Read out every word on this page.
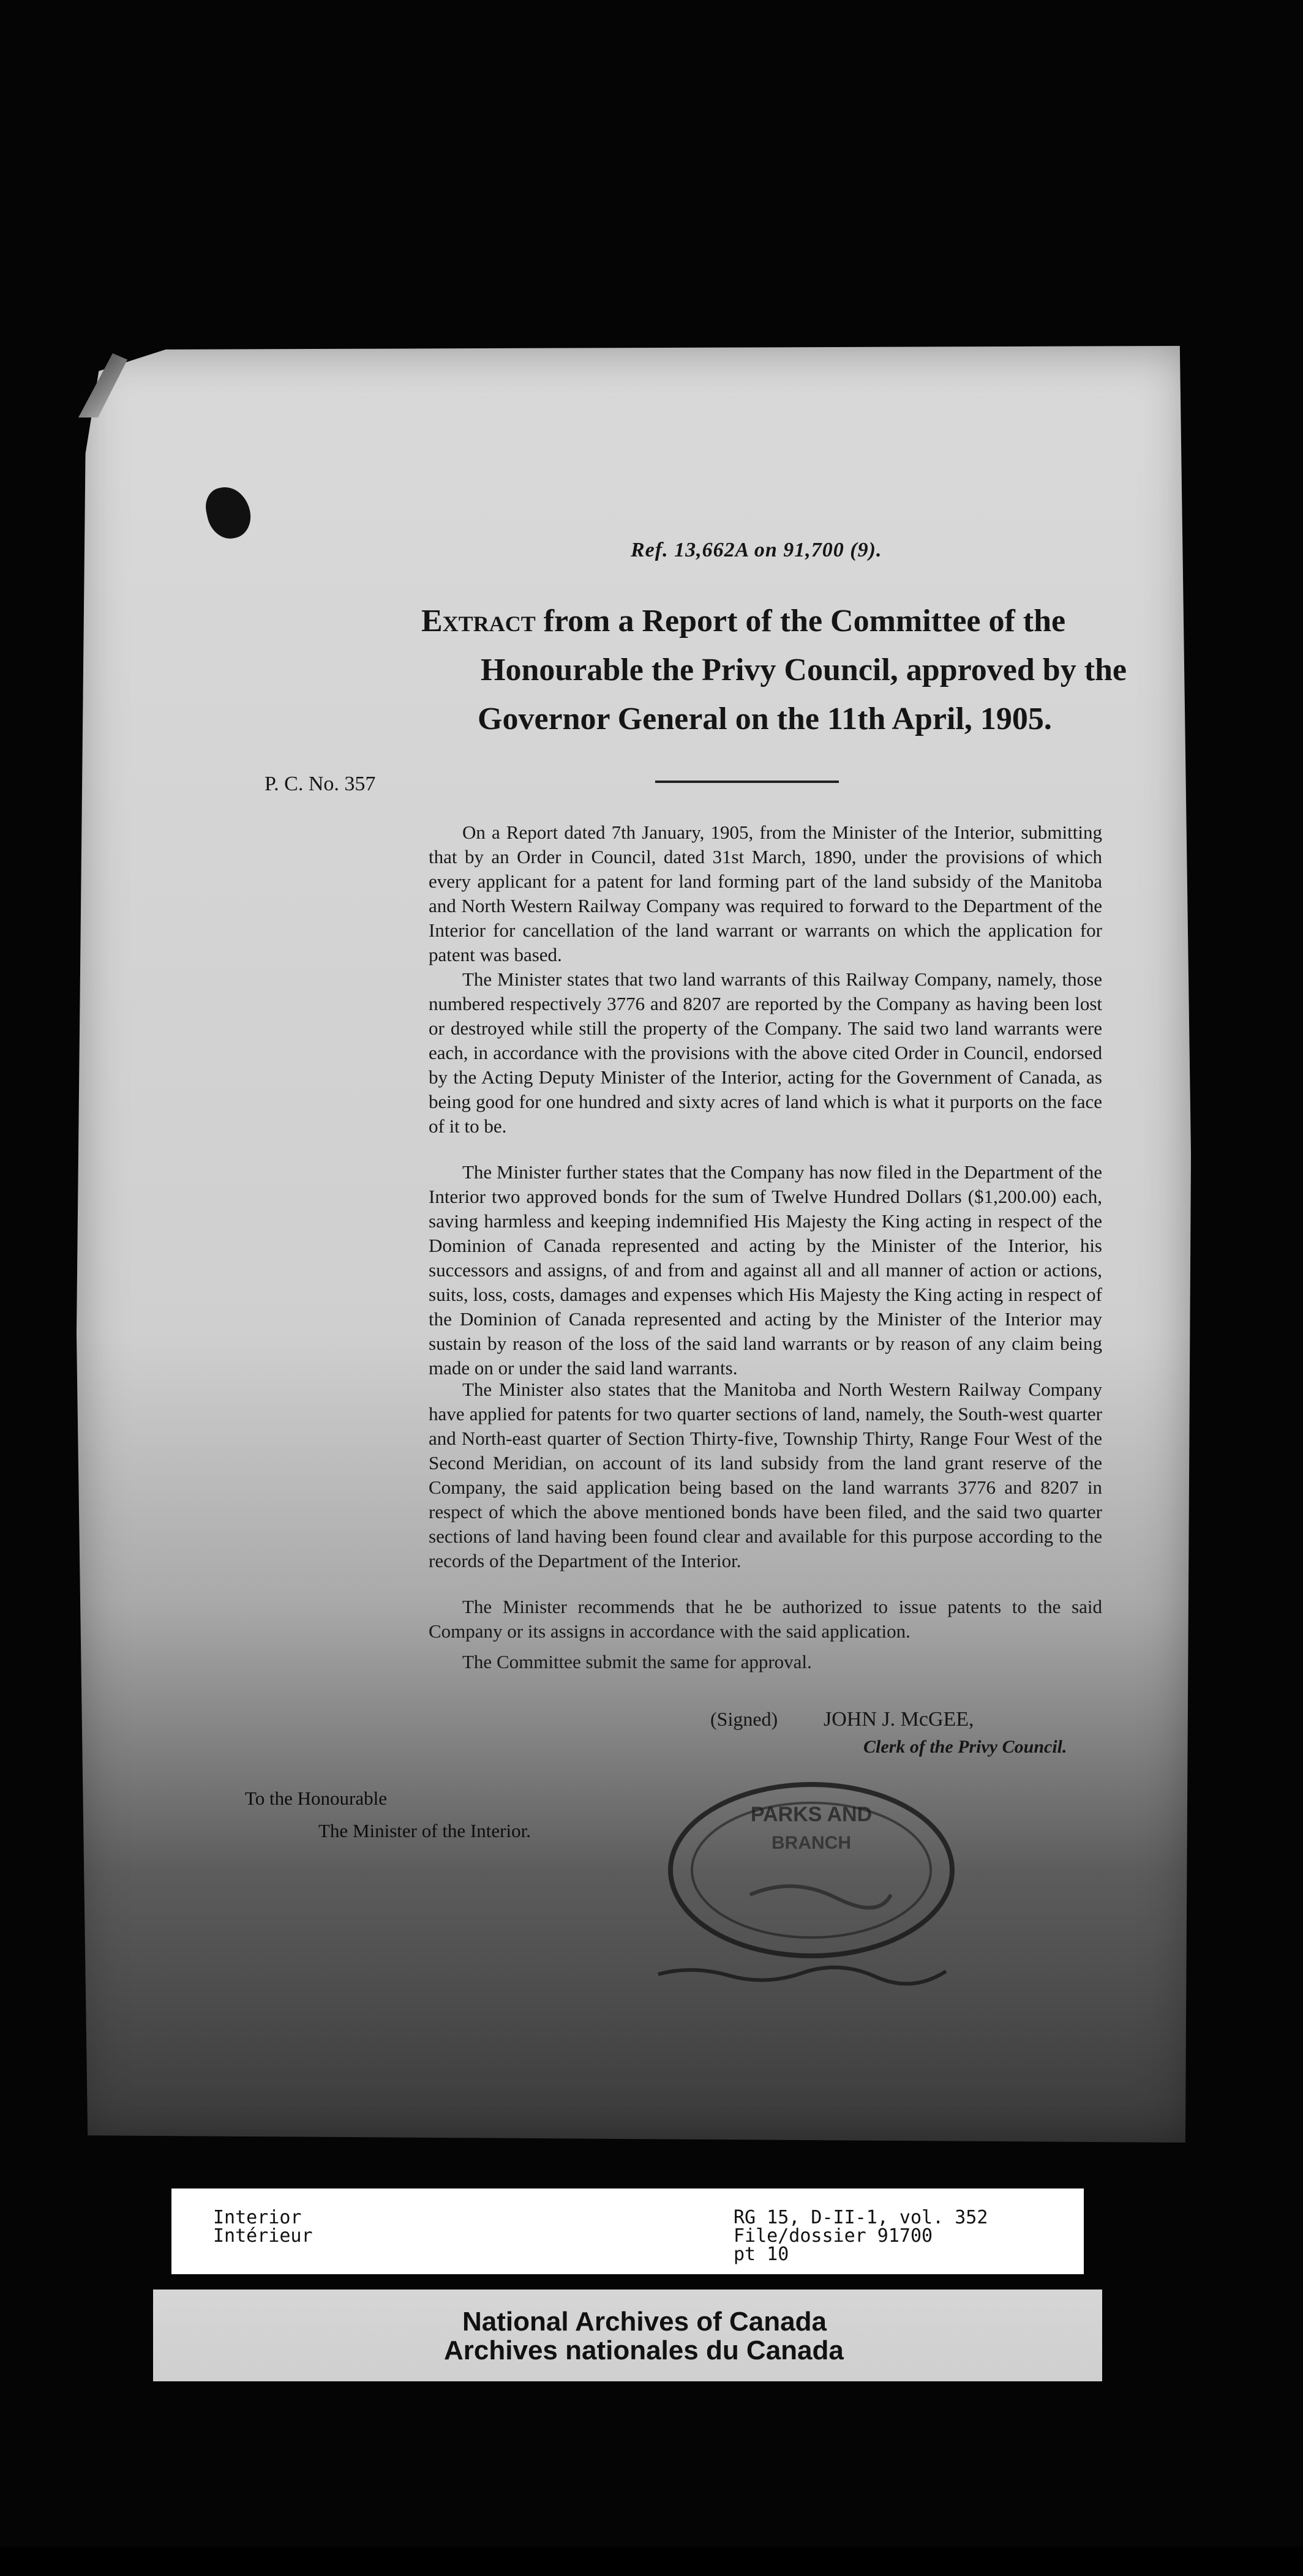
Ref. 13,662A on 91,700 (9).
Extract from a Report of the Committee of the
Honourable the Privy Council, approved by the
Governor General on the 11th April, 1905.
P. C. No. 357
On a Report dated 7th January, 1905, from the Minister of the Interior, submitting that by an Order in Council, dated 31st March, 1890, under the provisions of which every applicant for a patent for land forming part of the land subsidy of the Manitoba and North Western Railway Company was required to forward to the Department of the Interior for cancellation of the land warrant or warrants on which the application for patent was based.
The Minister states that two land warrants of this Railway Company, namely, those numbered respectively 3776 and 8207 are reported by the Company as having been lost or destroyed while still the property of the Company. The said two land warrants were each, in accordance with the provisions with the above cited Order in Council, endorsed by the Acting Deputy Minister of the Interior, acting for the Government of Canada, as being good for one hundred and sixty acres of land which is what it purports on the face of it to be.
The Minister further states that the Company has now filed in the Department of the Interior two approved bonds for the sum of Twelve Hundred Dollars ($1,200.00) each, saving harmless and keeping indemnified His Majesty the King acting in respect of the Dominion of Canada represented and acting by the Minister of the Interior, his successors and assigns, of and from and against all and all manner of action or actions, suits, loss, costs, damages and expenses which His Majesty the King acting in respect of the Dominion of Canada represented and acting by the Minister of the Interior may sustain by reason of the loss of the said land warrants or by reason of any claim being made on or under the said land warrants.
The Minister also states that the Manitoba and North Western Railway Company have applied for patents for two quarter sections of land, namely, the South-west quarter and North-east quarter of Section Thirty-five, Township Thirty, Range Four West of the Second Meridian, on account of its land subsidy from the land grant reserve of the Company, the said application being based on the land warrants 3776 and 8207 in respect of which the above mentioned bonds have been filed, and the said two quarter sections of land having been found clear and available for this purpose according to the records of the Department of the Interior.
The Minister recommends that he be authorized to issue patents to the said Company or its assigns in accordance with the said application.
The Committee submit the same for approval.
(Signed) JOHN J. McGEE,
Clerk of the Privy Council.
To the Honourable
The Minister of the Interior.
PARKS AND
BRANCH
Interior
Intérieur
RG 15, D-II-1, vol. 352
File/dossier 91700
pt 10
National Archives of Canada
Archives nationales du Canada
